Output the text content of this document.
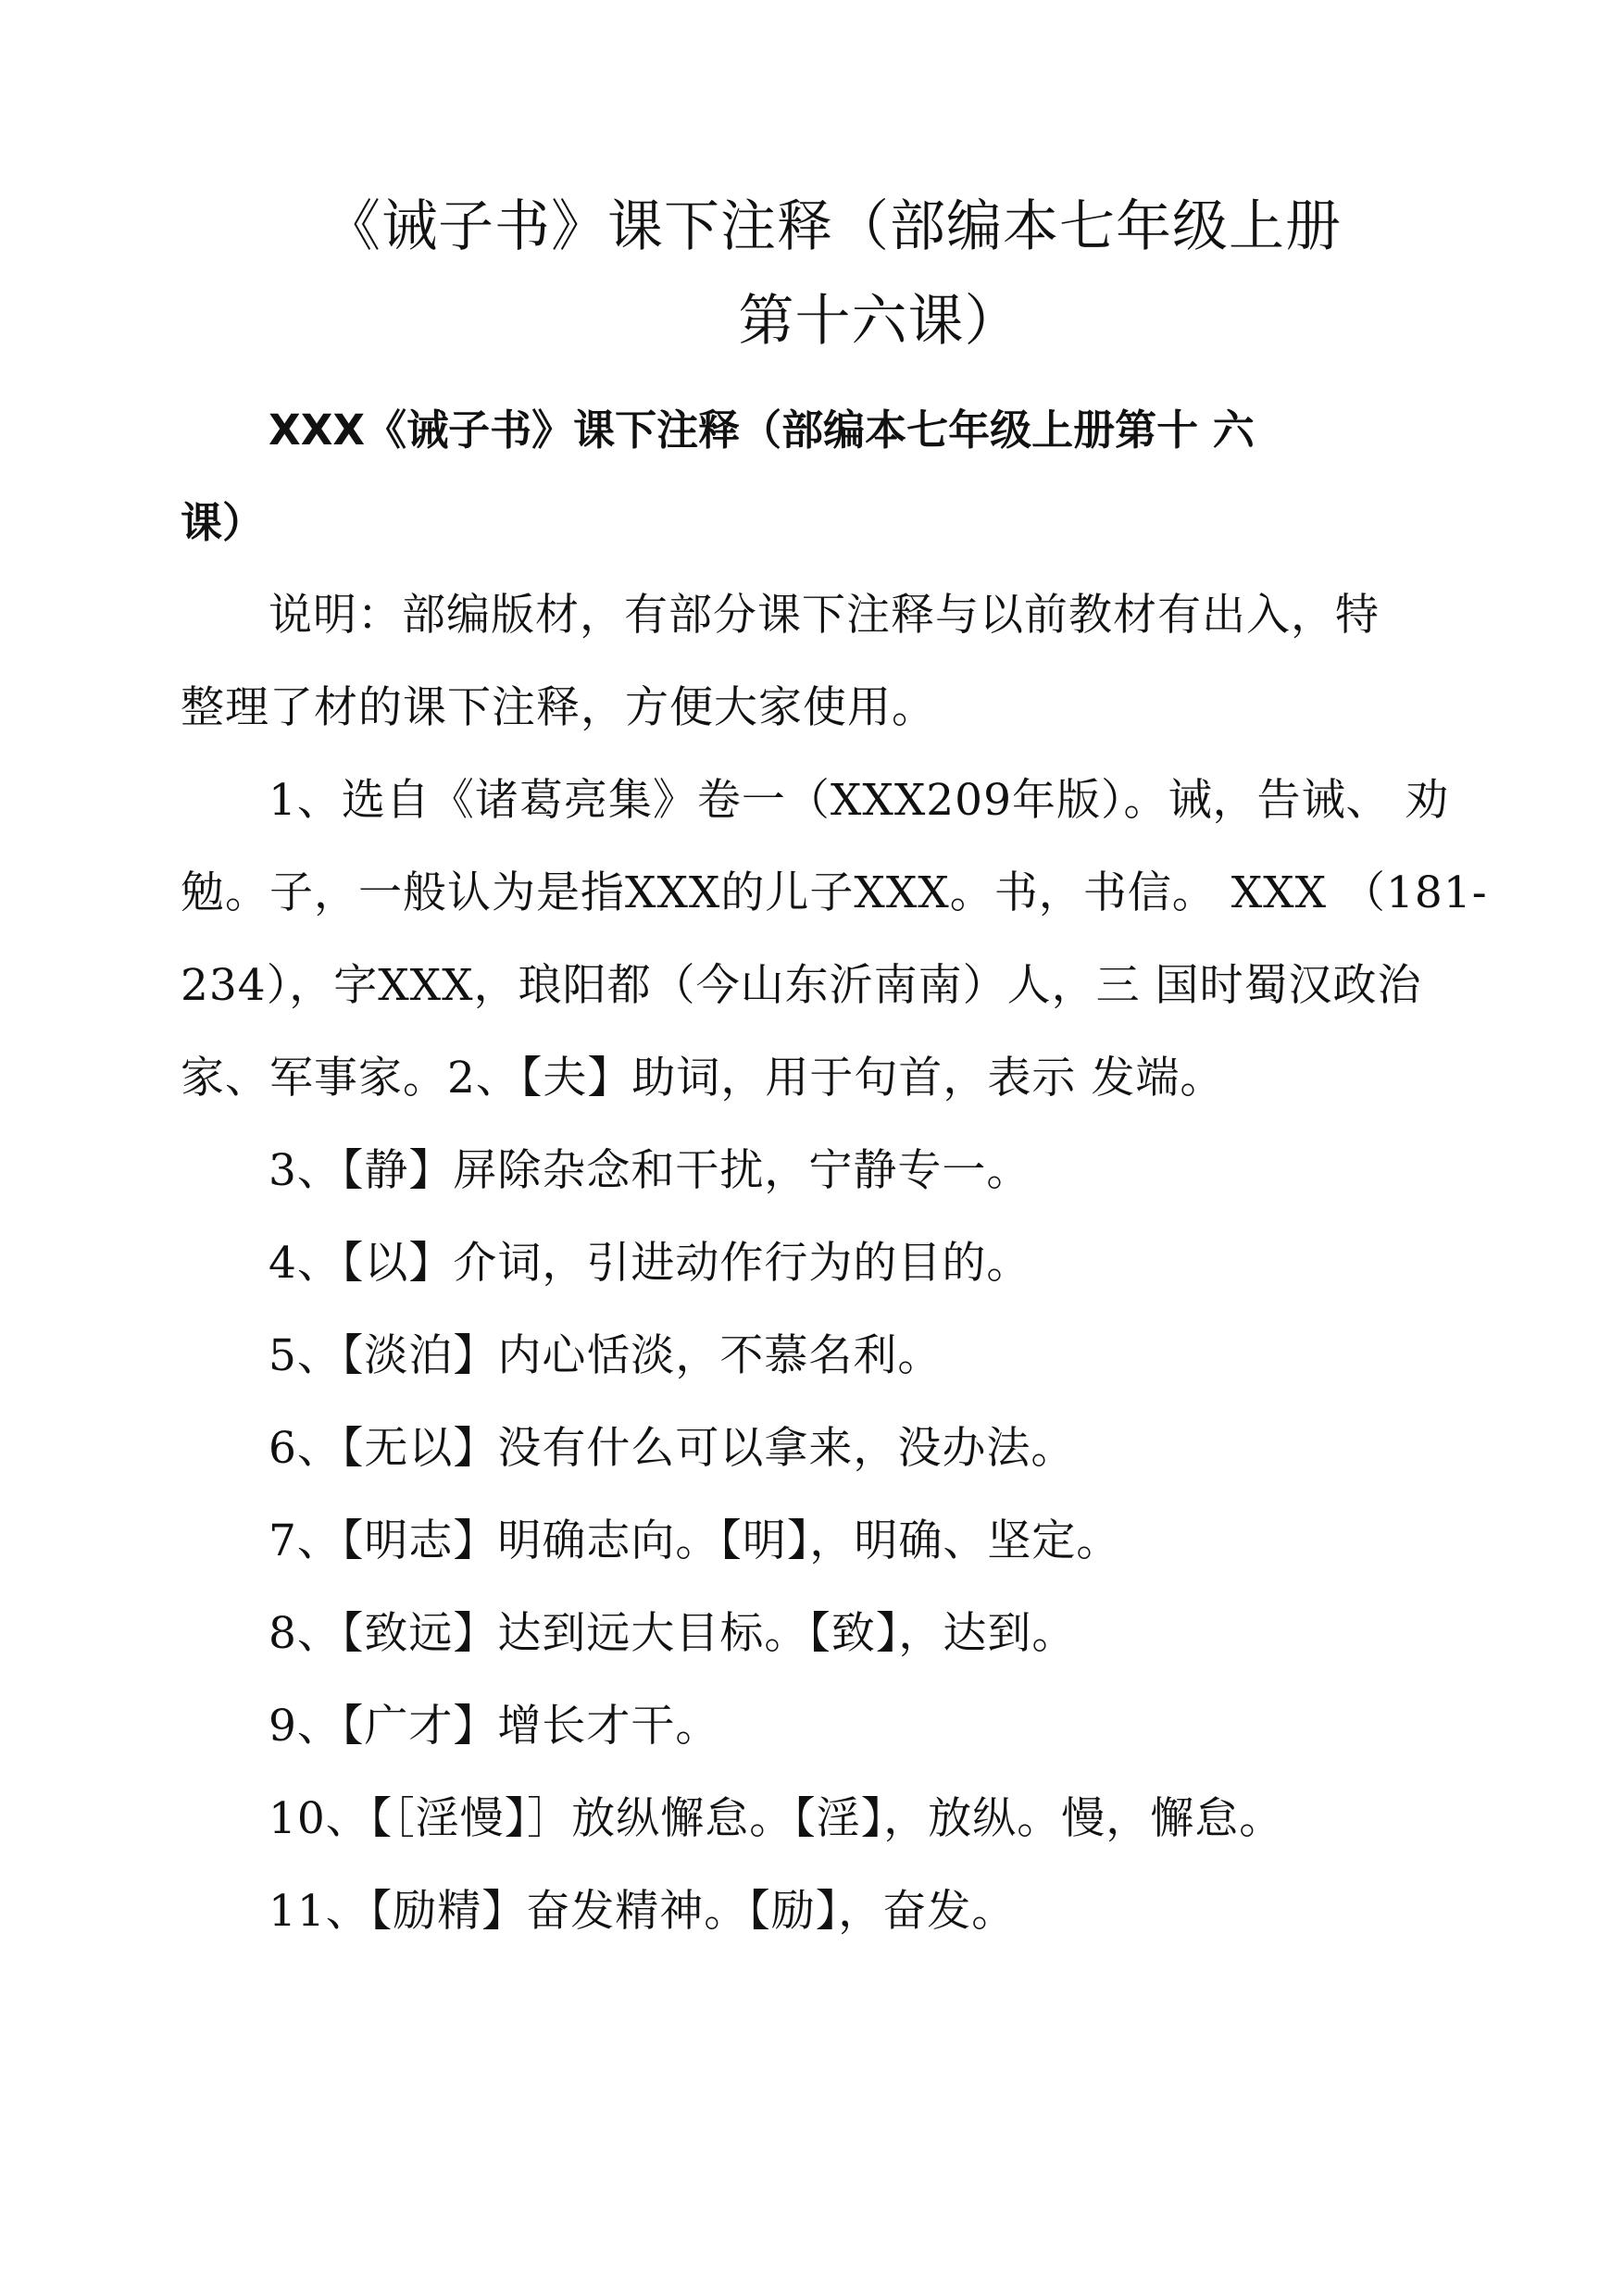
《诫子书》课下注释（部编本七年级上册
第十六课）
XXX《诫子书》课下注释（部编本七年级上册第十 六
课）
说明：部编版材，有部分课下注释与以前教材有出入，特
整理了材的课下注释，方便大家使用。
1、选自《诸葛亮集》卷一（XXX209年版）。诫，告诫、 劝
勉。子，一般认为是指XXX的儿子XXX。书，书信。 XXX （181-
234），字XXX，琅阳都（今山东沂南南）人，三 国时蜀汉政治
家、军事家。2、【夫】助词，用于句首，表示 发端。
3、【静】屏除杂念和干扰，宁静专一。
4、【以】介词，引进动作行为的目的。
5、【淡泊】内心恬淡，不慕名利。
6、【无以】没有什么可以拿来，没办法。
7、【明志】明确志向。【明】，明确、坚定。
8、【致远】达到远大目标。【致】，达到。
9、【广才】增长才干。
10、【［淫慢】］放纵懈怠。【淫】，放纵。慢，懈怠。
11、【励精】奋发精神。【励】，奋发。
